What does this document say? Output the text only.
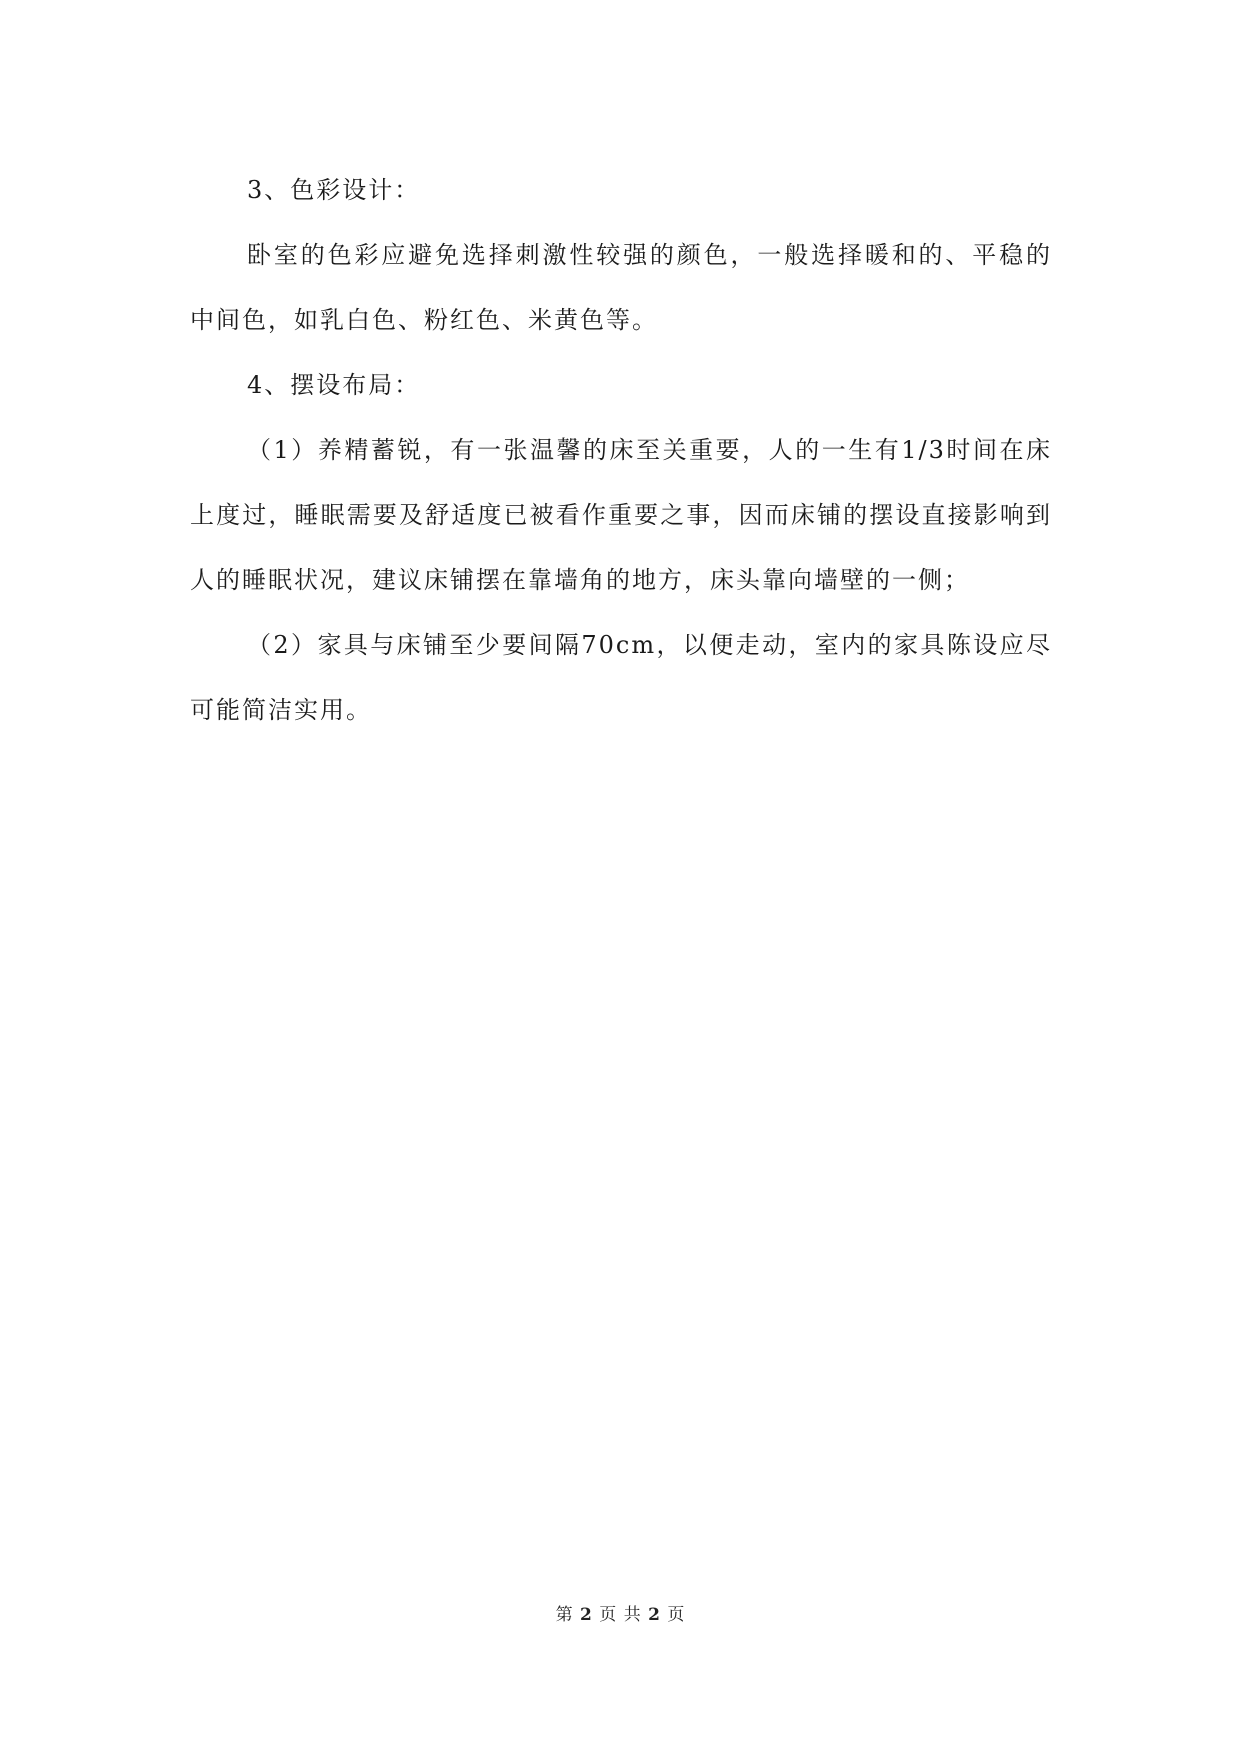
3、色彩设计：

卧室的色彩应避免选择刺激性较强的颜色，一般选择暖和的、平稳的中间色，如乳白色、粉红色、米黄色等。

4、摆设布局：

（1）养精蓄锐，有一张温馨的床至关重要，人的一生有1/3时间在床上度过，睡眠需要及舒适度已被看作重要之事，因而床铺的摆设直接影响到人的睡眠状况，建议床铺摆在靠墙角的地方，床头靠向墙壁的一侧；

（2）家具与床铺至少要间隔70cm，以便走动，室内的家具陈设应尽可能简洁实用。

第 2 页 共 2 页
